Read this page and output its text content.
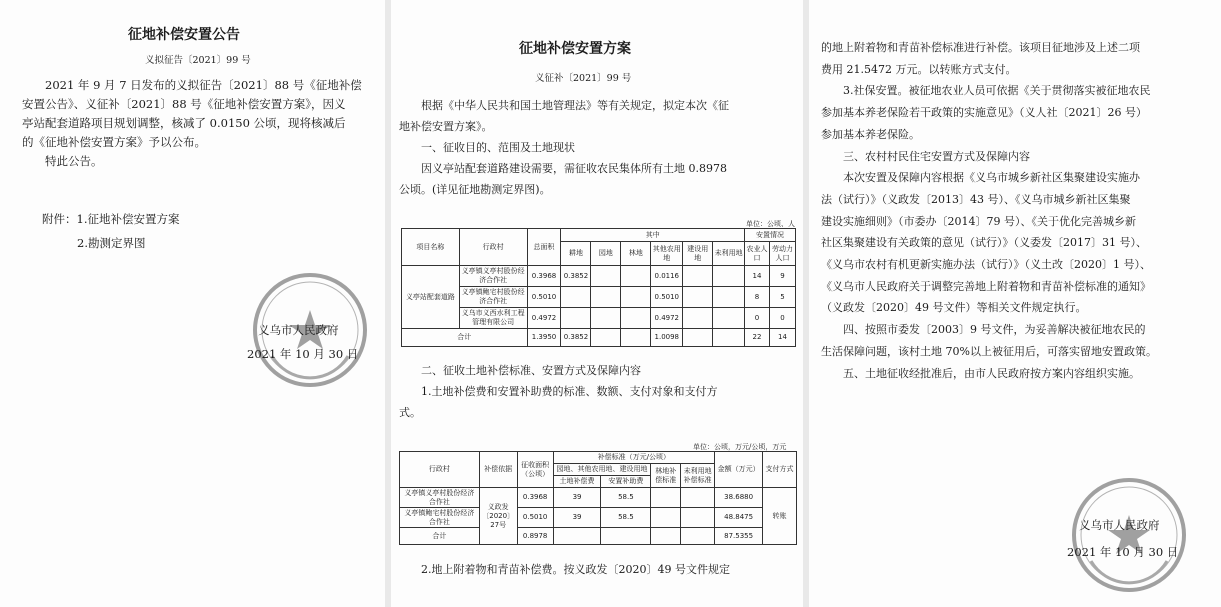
征地补偿安置公告
义拟征告〔2021〕99 号

2021 年 9 月 7 日发布的义拟征告〔2021〕88 号《征地补偿

安置公告》、义征补〔2021〕88 号《征地补偿安置方案》，因义

亭站配套道路项目规划调整，核减了 0.0150 公顷，现将核减后

的《征地补偿安置方案》予以公布。

特此公告。

附件：1.征地补偿安置方案
2.勘测定界图
义乌市人民政府
2021 年 10 月 30 日
征地补偿安置方案
义征补〔2021〕99 号

根据《中华人民共和国土地管理法》等有关规定，拟定本次《征

地补偿安置方案》。

一、征收目的、范围及土地现状

因义亭站配套道路建设需要，需征收农民集体所有土地 0.8978

公顷。(详见征地勘测定界图)。

单位：公顷、人
项目名称	行政村	总面积	其中						安置情况	
			耕地	园地	林地	其他农用地	建设用地	未利用地	农业人口	劳动力人口
义亭站配套道路	义亭镇义亭村股份经济合作社	0.3968	0.3852			0.0116			14	9
	义亭镇鲍宅村股份经济合作社	0.5010				0.5010			8	5
	义乌市义西水利工程管理有限公司	0.4972				0.4972			0	0
合计		1.3950	0.3852			1.0098			22	14

二、征收土地补偿标准、安置方式及保障内容

1.土地补偿费和安置补助费的标准、数额、支付对象和支付方

式。

单位：公顷，万元/公顷，万元
行政村	补偿依据	征收面积（公顷）	补偿标准（万元/公顷）				金额（万元）	支付方式
			园地、其他农用地、建设用地		林地补偿标准	未利用地补偿标准		
			土地补偿费	安置补助费				
义亭镇义亭村股份经济合作社	义政发〔2020〕27号	0.3968	39	58.5			38.6880	转账
义亭镇鲍宅村股份经济合作社		0.5010	39	58.5			48.8475	
合计		0.8978					87.5355	
2.地上附着物和青苗补偿费。按义政发〔2020〕49 号文件规定

的地上附着物和青苗补偿标准进行补偿。该项目征地涉及上述二项

费用 21.5472 万元。以转账方式支付。

3.社保安置。被征地农业人员可依据《关于贯彻落实被征地农民

参加基本养老保险若干政策的实施意见》（义人社〔2021〕26 号）

参加基本养老保险。

三、农村村民住宅安置方式及保障内容

本次安置及保障内容根据《义乌市城乡新社区集聚建设实施办

法（试行）》（义政发〔2013〕43 号）、《义乌市城乡新社区集聚

建设实施细则》（市委办〔2014〕79 号）、《关于优化完善城乡新

社区集聚建设有关政策的意见（试行）》（义委发〔2017〕31 号）、

《义乌市农村有机更新实施办法（试行）》（义土改〔2020〕1 号）、

《义乌市人民政府关于调整完善地上附着物和青苗补偿标准的通知》

（义政发〔2020〕49 号文件）等相关文件规定执行。

四、按照市委发〔2003〕9 号文件，为妥善解决被征地农民的

生活保障问题，该村土地 70%以上被征用后，可落实留地安置政策。

五、土地征收经批准后，由市人民政府按方案内容组织实施。

义乌市人民政府
2021 年 10 月 30 日
